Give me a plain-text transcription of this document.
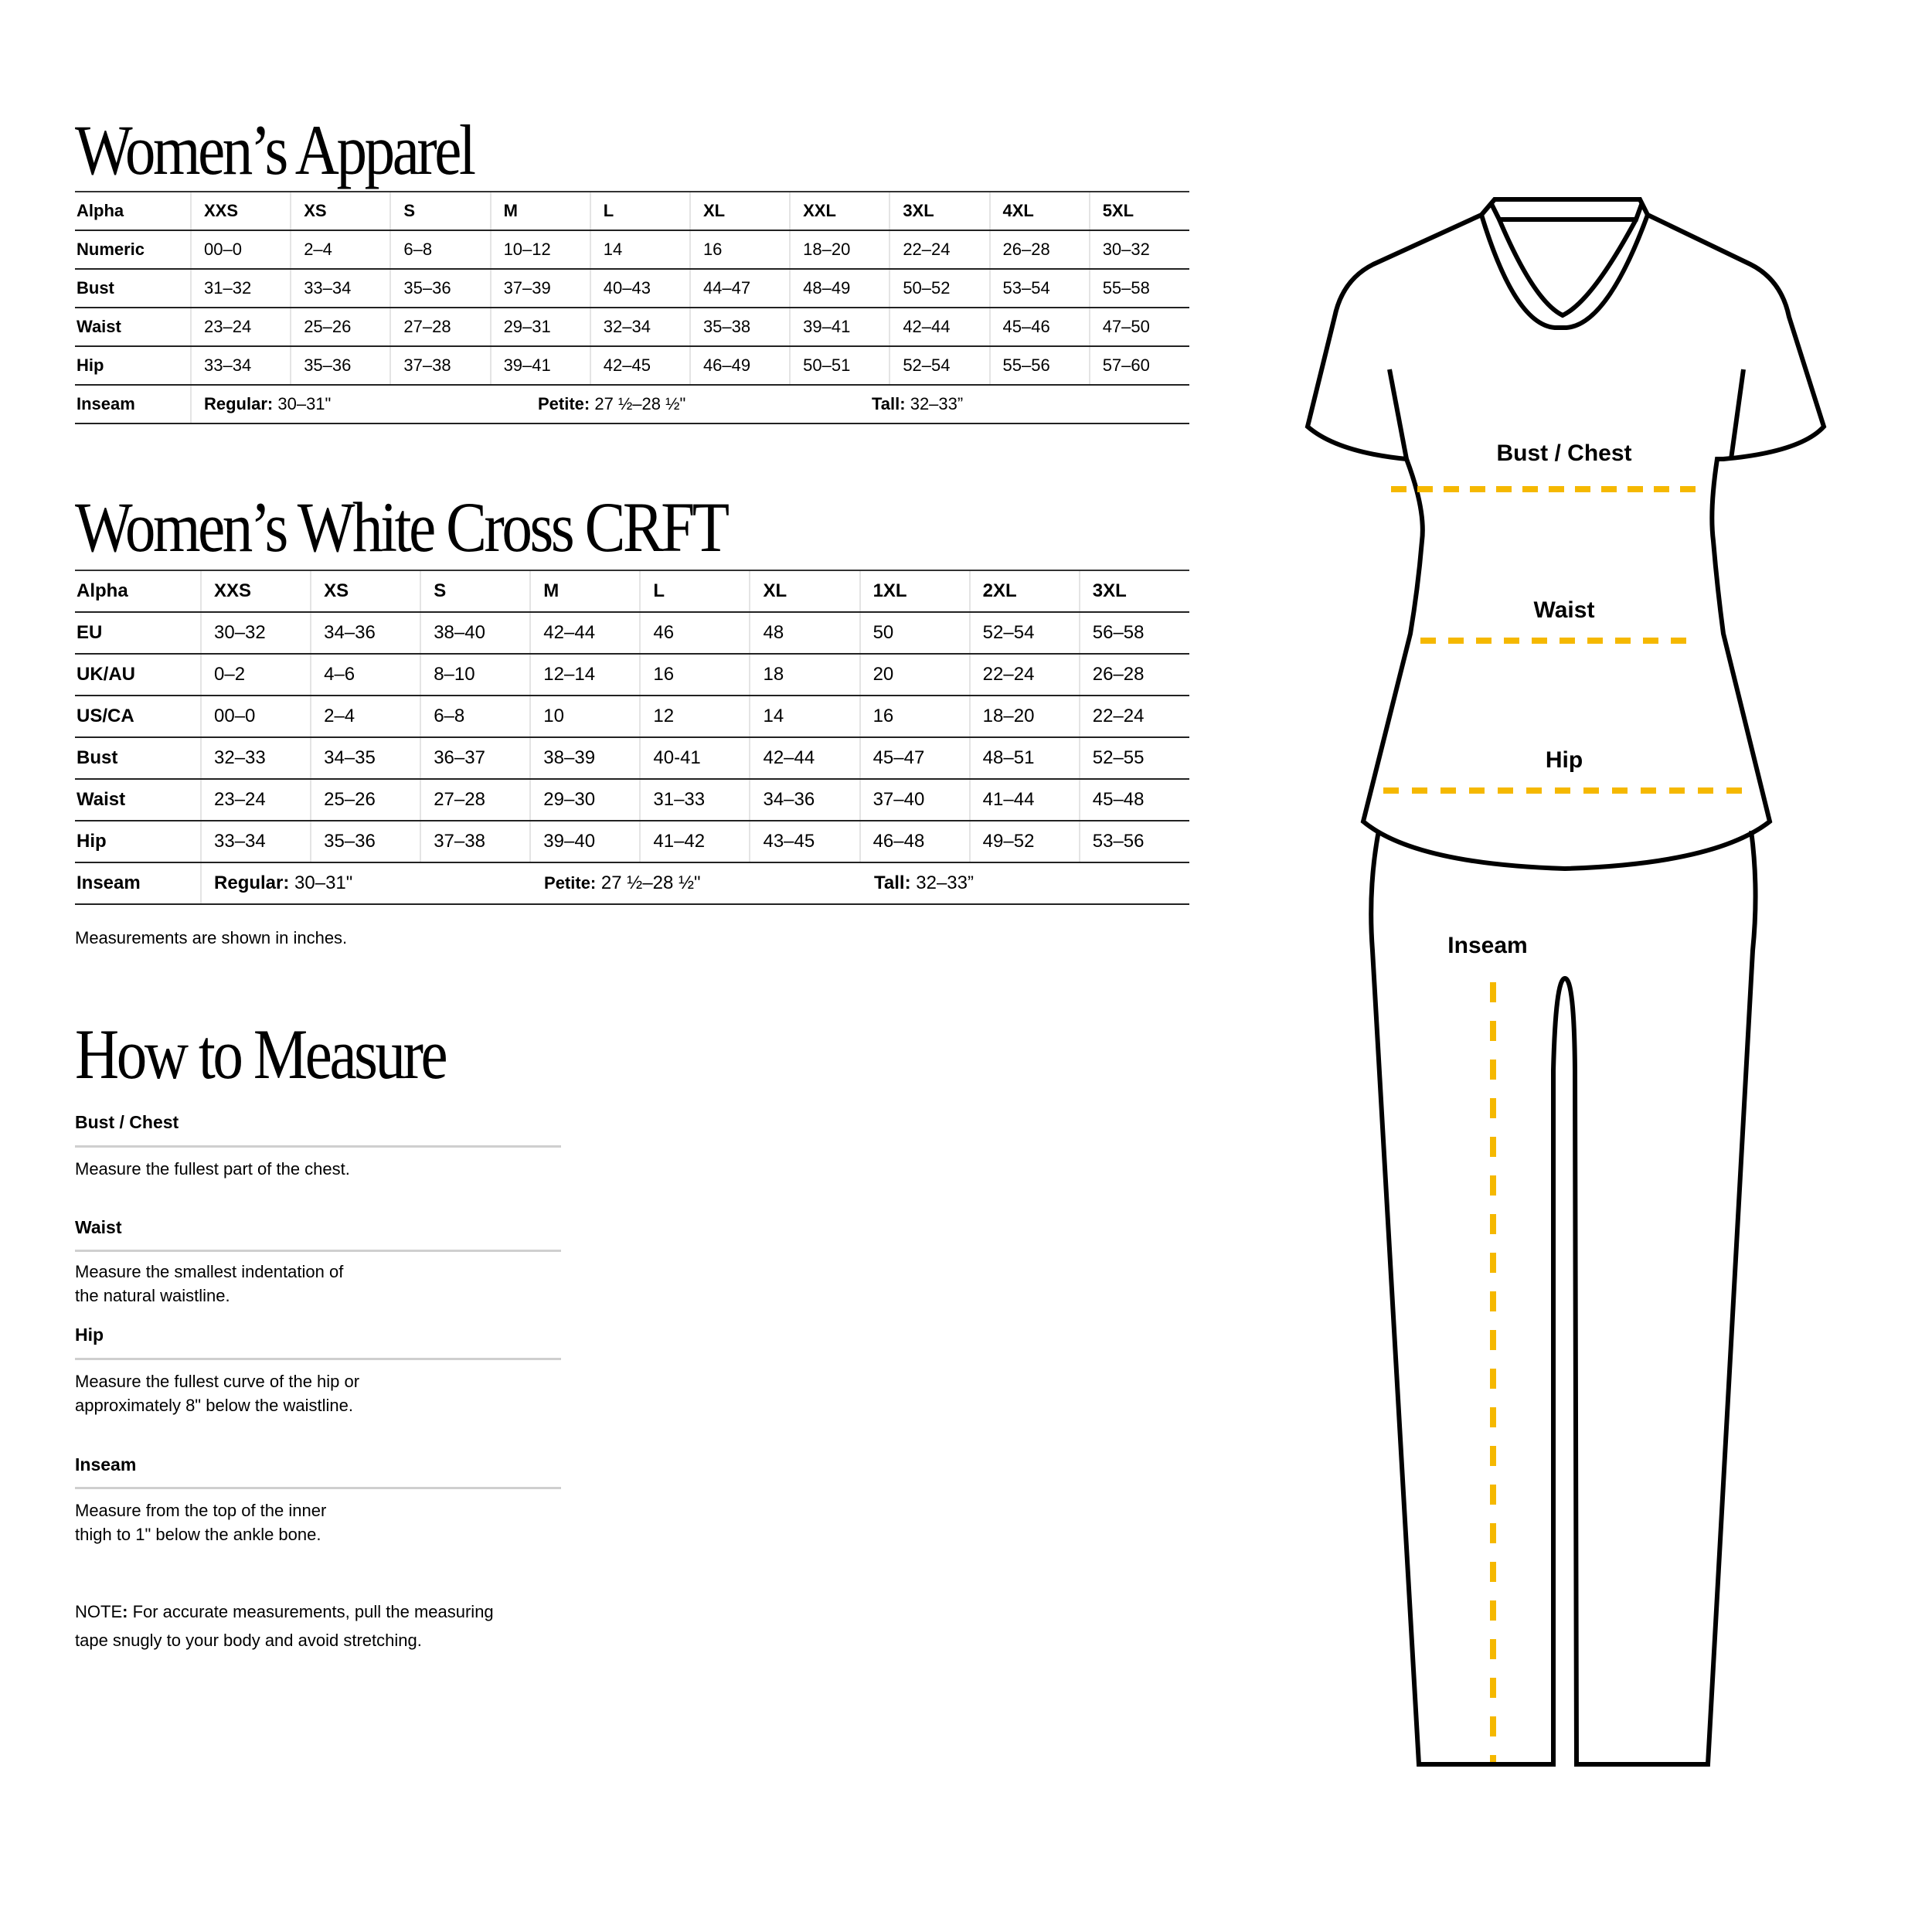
Women’s Apparel
Alpha	XXS	XS	S	M	L	XL	XXL	3XL	4XL	5XL
Numeric	00–0	2–4	6–8	10–12	14	16	18–20	22–24	26–28	30–32
Bust	31–32	33–34	35–36	37–39	40–43	44–47	48–49	50–52	53–54	55–58
Waist	23–24	25–26	27–28	29–31	32–34	35–38	39–41	42–44	45–46	47–50
Hip	33–34	35–36	37–38	39–41	42–45	46–49	50–51	52–54	55–56	57–60
Inseam	Regular: 30–31" Petite: 27 ½–28 ½" Tall: 32–33”									
Women’s White Cross CRFT
Alpha	XXS	XS	S	M	L	XL	1XL	2XL	3XL
EU	30–32	34–36	38–40	42–44	46	48	50	52–54	56–58
UK/AU	0–2	4–6	8–10	12–14	16	18	20	22–24	26–28
US/CA	00–0	2–4	6–8	10	12	14	16	18–20	22–24
Bust	32–33	34–35	36–37	38–39	40-41	42–44	45–47	48–51	52–55
Waist	23–24	25–26	27–28	29–30	31–33	34–36	37–40	41–44	45–48
Hip	33–34	35–36	37–38	39–40	41–42	43–45	46–48	49–52	53–56
Inseam	Regular: 30–31" Petite: 27 ½–28 ½" Tall: 32–33”								
Measurements are shown in inches.
How to Measure
Bust / Chest
Measure the fullest part of the chest.
Waist
Measure the smallest indentation of
the natural waistline.
Hip
Measure the fullest curve of the hip or
approximately 8" below the waistline.
Inseam
Measure from the top of the inner
thigh to 1" below the ankle bone.
NOTE: For accurate measurements, pull the measuring
tape snugly to your body and avoid stretching.
Bust / Chest
Waist
Hip
Inseam
